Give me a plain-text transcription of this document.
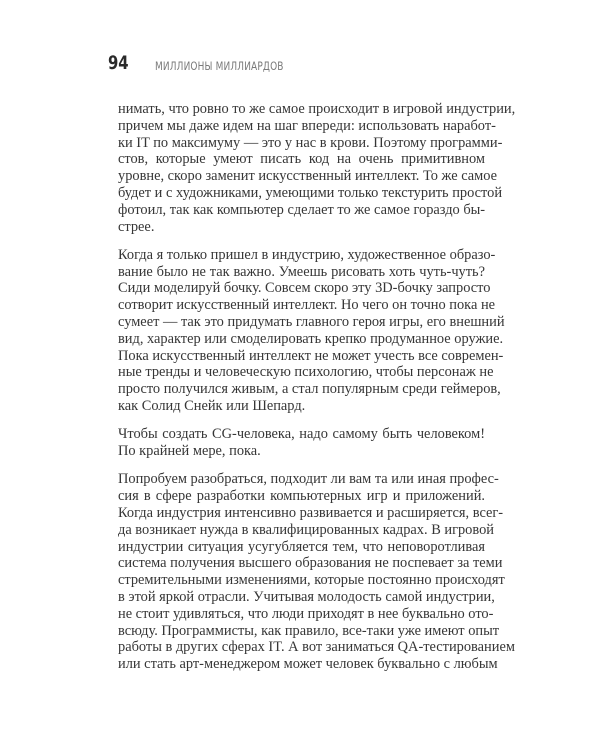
94 МИЛЛИОНЫ МИЛЛИАРДОВ
нимать, что ровно то же самое происходит в игровой индустрии,
причем мы даже идем на шаг впереди: использовать наработ-
ки IT по максимуму — это у нас в крови. Поэтому программи-
стов, которые умеют писать код на очень примитивном
уровне, скоро заменит искусственный интеллект. То же самое
будет и с художниками, умеющими только текстурить простой
фотоил, так как компьютер сделает то же самое гораздо бы-
стрее.
Когда я только пришел в индустрию, художественное образо-
вание было не так важно. Умеешь рисовать хоть чуть-чуть?
Сиди моделируй бочку. Совсем скоро эту 3D-бочку запросто
сотворит искусственный интеллект. Но чего он точно пока не
сумеет — так это придумать главного героя игры, его внешний
вид, характер или смоделировать крепко продуманное оружие.
Пока искусственный интеллект не может учесть все современ-
ные тренды и человеческую психологию, чтобы персонаж не
просто получился живым, а стал популярным среди геймеров,
как Солид Снейк или Шепард.
Чтобы создать CG-человека, надо самому быть человеком!
По крайней мере, пока.
Попробуем разобраться, подходит ли вам та или иная профес-
сия в сфере разработки компьютерных игр и приложений.
Когда индустрия интенсивно развивается и расширяется, всег-
да возникает нужда в квалифицированных кадрах. В игровой
индустрии ситуация усугубляется тем, что неповоротливая
система получения высшего образования не поспевает за теми
стремительными изменениями, которые постоянно происходят
в этой яркой отрасли. Учитывая молодость самой индустрии,
не стоит удивляться, что люди приходят в нее буквально ото-
всюду. Программисты, как правило, все-таки уже имеют опыт
работы в других сферах IT. А вот заниматься QA-тестированием
или стать арт-менеджером может человек буквально с любым
